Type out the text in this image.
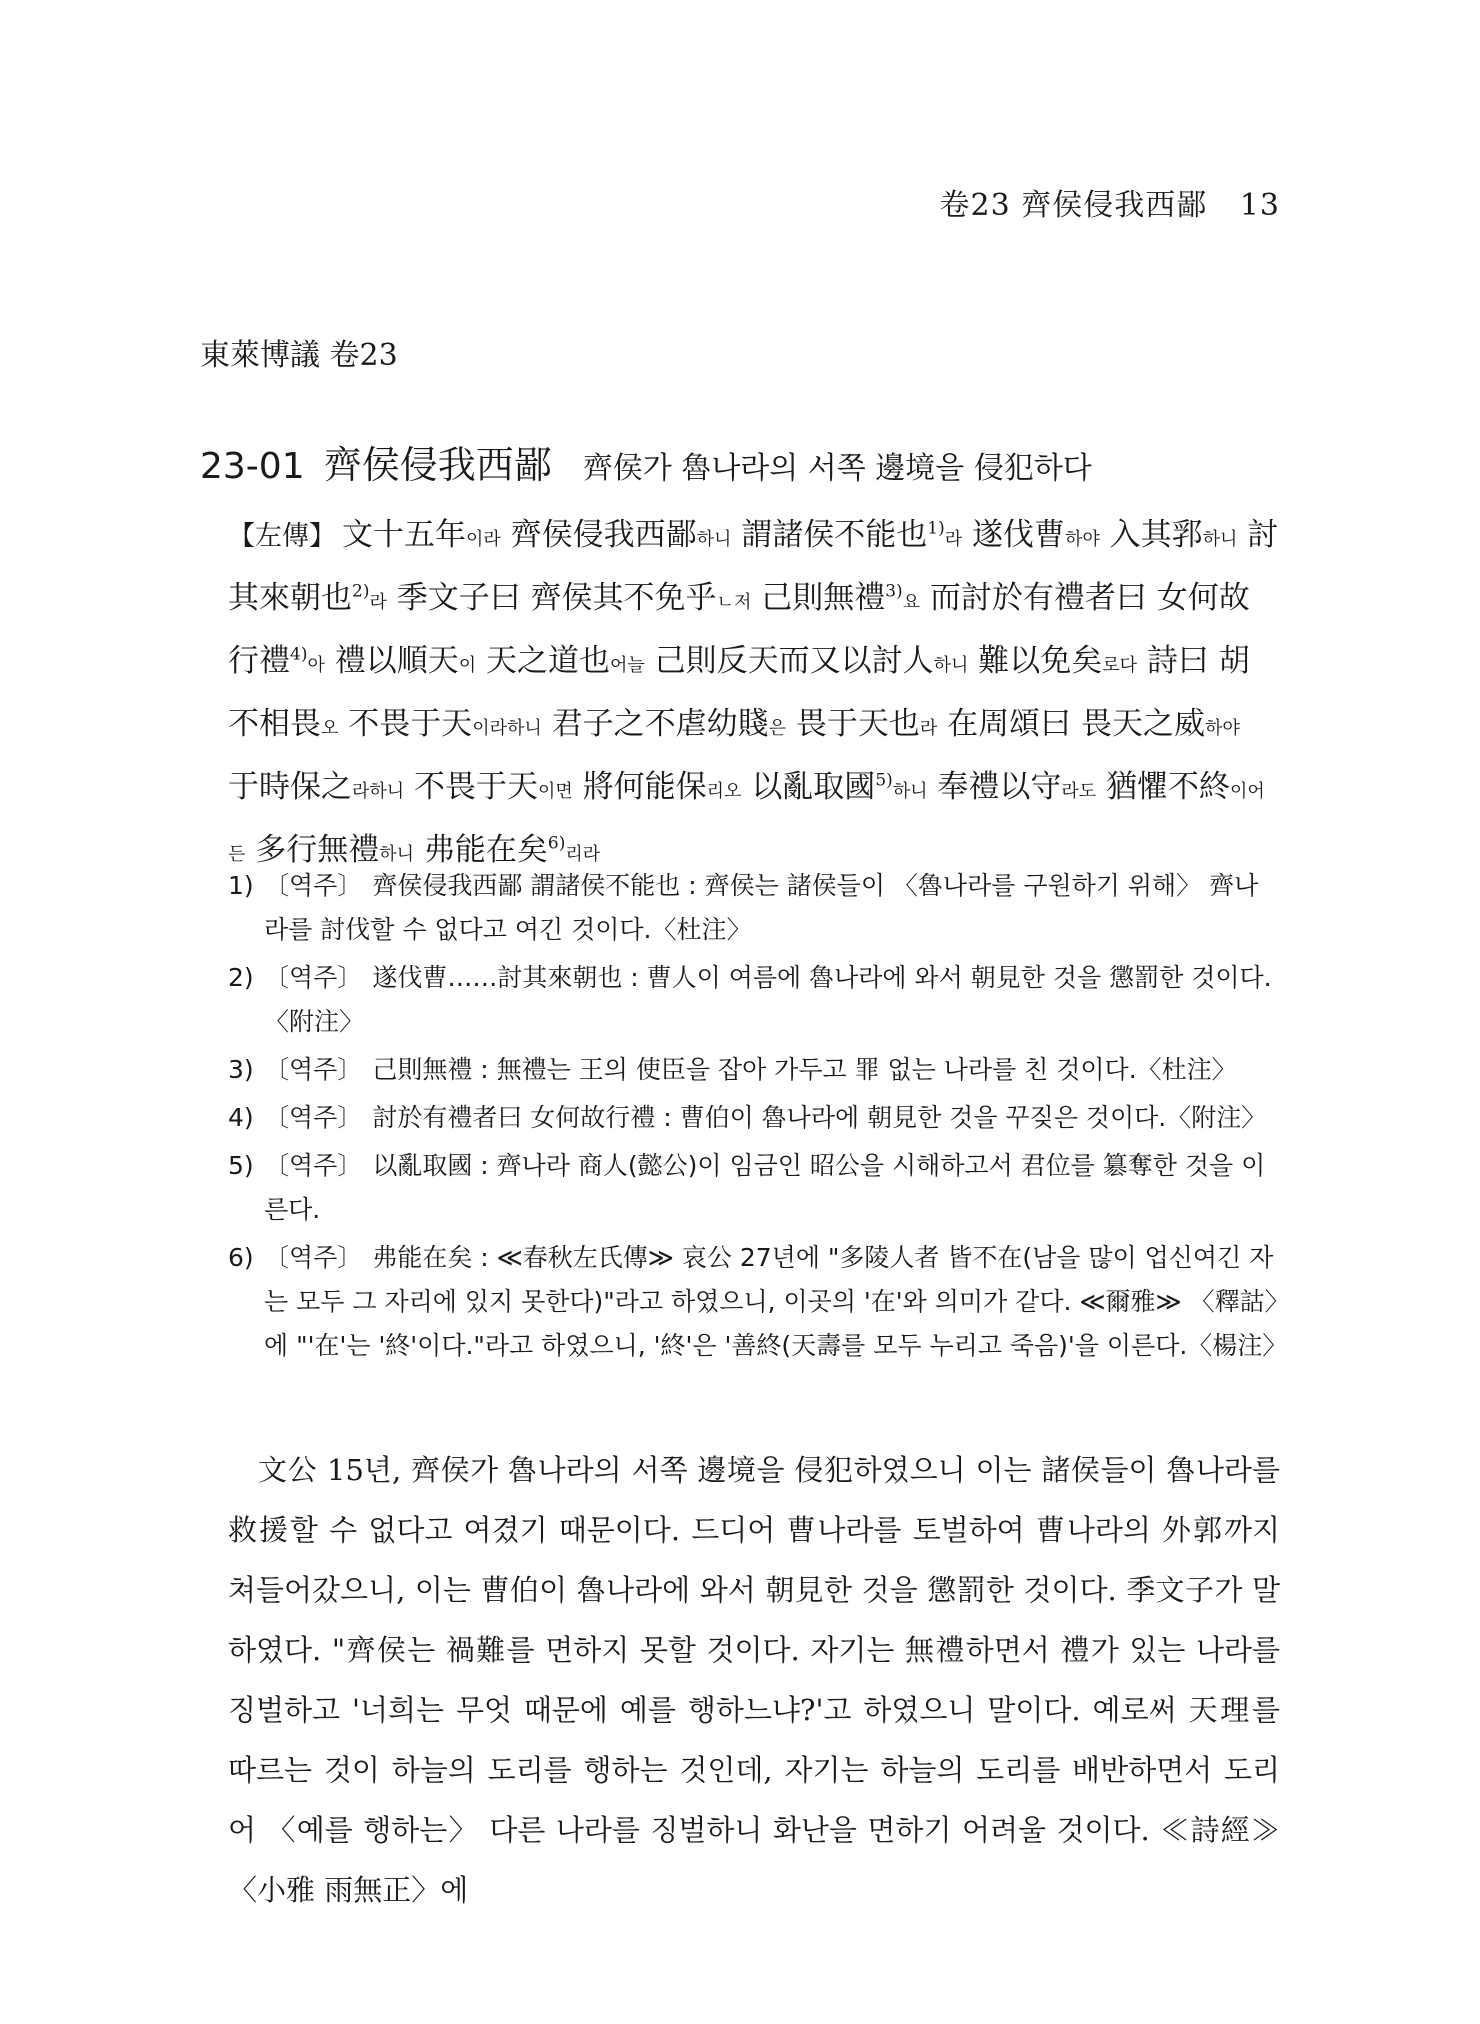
卷23 齊侯侵我西鄙 13
東萊博議 卷23
23-01 齊侯侵我西鄙 齊侯가 魯나라의 서쪽 邊境을 侵犯하다
【左傳】 文十五年이라 齊侯侵我西鄙하니 謂諸侯不能也$^{1)}$라 遂伐曹하야 入其郛하니 討其來朝也$^{2)}$라 季文子曰 齊侯其不免乎ㄴ저 己則無禮$^{3)}$요 而討於有禮者曰 女何故行禮$^{4)}$아 禮以順天이 天之道也어늘 己則反天而又以討人하니 難以免矣로다 詩曰 胡不相畏오 不畏于天이라하니 君子之不虐幼賤은 畏于天也라 在周頌曰 畏天之威하야 于時保之라하니 不畏于天이면 將何能保리오 以亂取國$^{5)}$하니 奉禮以守라도 猶懼不終이어든 多行無禮하니 弗能在矣$^{6)}$리라
1) 〔역주〕 齊侯侵我西鄙 謂諸侯不能也 : 齊侯는 諸侯들이 〈魯나라를 구원하기 위해〉 齊나라를 討伐할 수 없다고 여긴 것이다.〈杜注〉
2) 〔역주〕 遂伐曹……討其來朝也 : 曹人이 여름에 魯나라에 와서 朝見한 것을 懲罰한 것이다.〈附注〉
3) 〔역주〕 己則無禮 : 無禮는 王의 使臣을 잡아 가두고 罪 없는 나라를 친 것이다.〈杜注〉
4) 〔역주〕 討於有禮者曰 女何故行禮 : 曹伯이 魯나라에 朝見한 것을 꾸짖은 것이다.〈附注〉
5) 〔역주〕 以亂取國 : 齊나라 商人(懿公)이 임금인 昭公을 시해하고서 君位를 簒奪한 것을 이른다.
6) 〔역주〕 弗能在矣 : ≪春秋左氏傳≫ 哀公 27년에 "多陵人者 皆不在(남을 많이 업신여긴 자는 모두 그 자리에 있지 못한다)"라고 하였으니, 이곳의 '在'와 의미가 같다. ≪爾雅≫ 〈釋詁〉에 "'在'는 '終'이다."라고 하였으니, '終'은 '善終(天壽를 모두 누리고 죽음)'을 이른다.〈楊注〉
文公 15년, 齊侯가 魯나라의 서쪽 邊境을 侵犯하였으니 이는 諸侯들이 魯나라를 救援할 수 없다고 여겼기 때문이다. 드디어 曹나라를 토벌하여 曹나라의 外郭까지 쳐들어갔으니, 이는 曹伯이 魯나라에 와서 朝見한 것을 懲罰한 것이다. 季文子가 말하였다. "齊侯는 禍難를 면하지 못할 것이다. 자기는 無禮하면서 禮가 있는 나라를 징벌하고 '너희는 무엇 때문에 예를 행하느냐?'고 하였으니 말이다. 예로써 天理를 따르는 것이 하늘의 도리를 행하는 것인데, 자기는 하늘의 도리를 배반하면서 도리어 〈예를 행하는〉 다른 나라를 징벌하니 화난을 면하기 어려울 것이다. ≪詩經≫ 〈小雅 雨無正〉에
